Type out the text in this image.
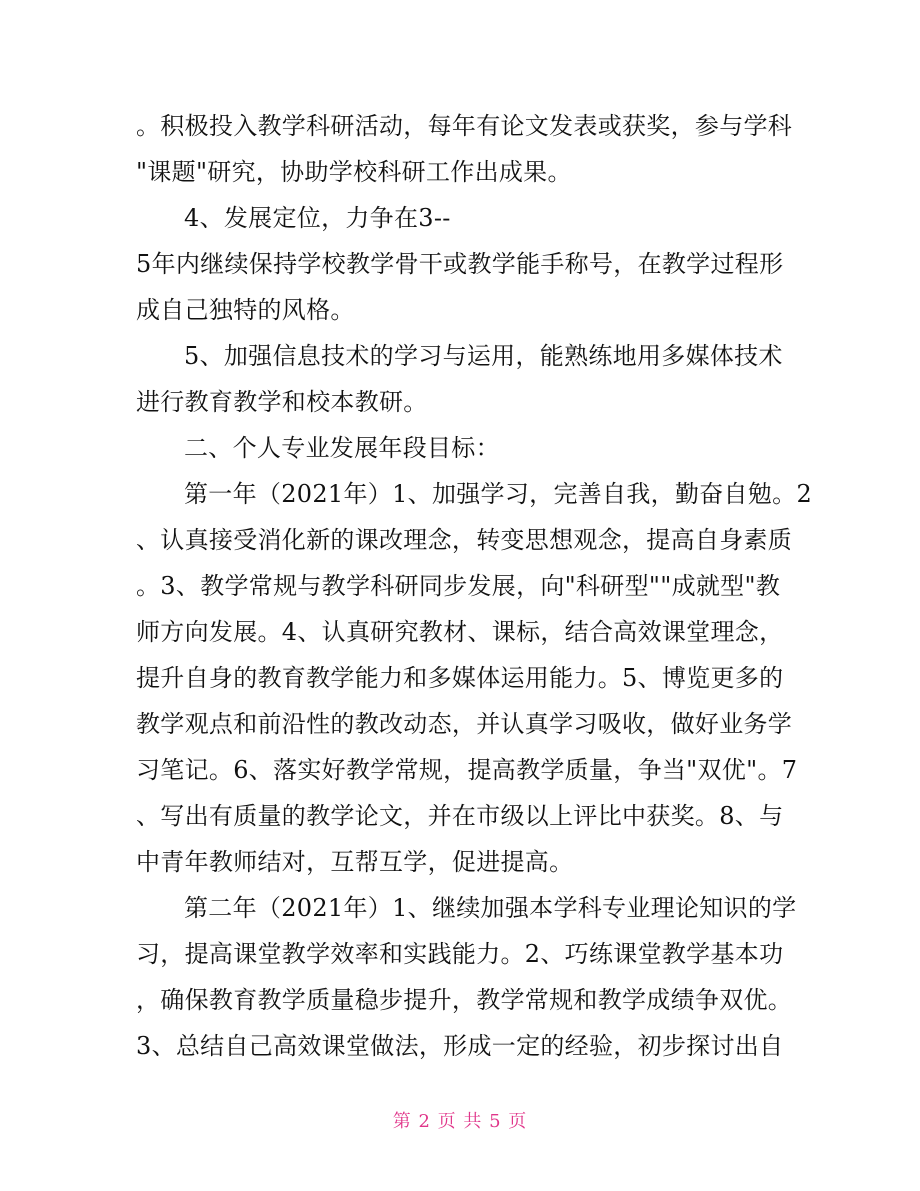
。积极投入教学科研活动，每年有论文发表或获奖，参与学科
"课题"研究，协助学校科研工作出成果。
4、发展定位，力争在3--
5年内继续保持学校教学骨干或教学能手称号，在教学过程形
成自己独特的风格。
5、加强信息技术的学习与运用，能熟练地用多媒体技术
进行教育教学和校本教研。
二、个人专业发展年段目标：
第一年（2021年）1、加强学习，完善自我，勤奋自勉。2
、认真接受消化新的课改理念，转变思想观念，提高自身素质
。3、教学常规与教学科研同步发展，向"科研型""成就型"教
师方向发展。4、认真研究教材、课标，结合高效课堂理念，
提升自身的教育教学能力和多媒体运用能力。5、博览更多的
教学观点和前沿性的教改动态，并认真学习吸收，做好业务学
习笔记。6、落实好教学常规，提高教学质量，争当"双优"。7
、写出有质量的教学论文，并在市级以上评比中获奖。8、与
中青年教师结对，互帮互学，促进提高。
第二年（2021年）1、继续加强本学科专业理论知识的学
习，提高课堂教学效率和实践能力。2、巧练课堂教学基本功
，确保教育教学质量稳步提升，教学常规和教学成绩争双优。
3、总结自己高效课堂做法，形成一定的经验，初步探讨出自
第 2 页 共 5 页
